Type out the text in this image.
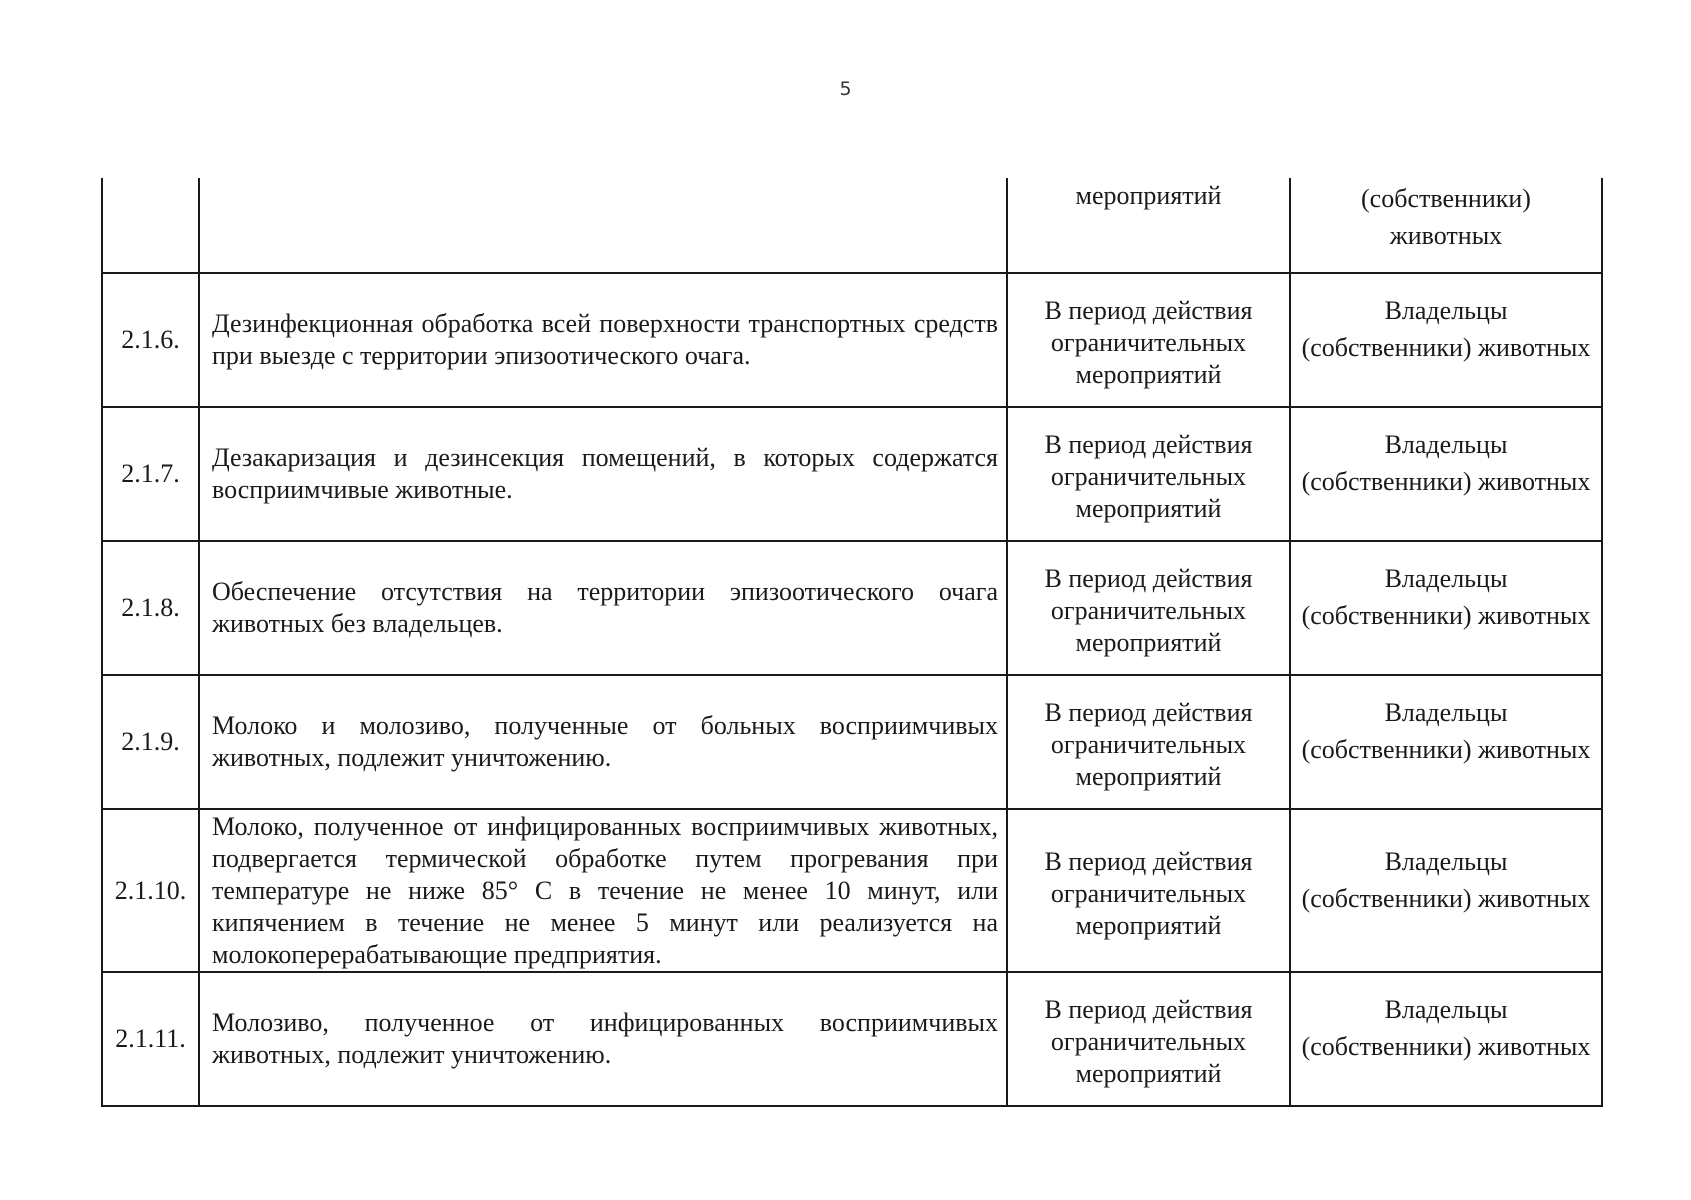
5

		мероприятий	(собственники)
животных

2.1.6.	Дезинфекционная обработка всей поверхности транспортных средств при выезде с территории эпизоотического очага.	В период действия ограничительных мероприятий	Владельцы (собственники) животных

2.1.7.	Дезакаризация и дезинсекция помещений, в которых содержатся восприимчивые животные.	В период действия ограничительных мероприятий	Владельцы (собственники) животных

2.1.8.	Обеспечение отсутствия на территории эпизоотического очага животных без владельцев.	В период действия ограничительных мероприятий	Владельцы (собственники) животных

2.1.9.	Молоко и молозиво, полученные от больных восприимчивых животных, подлежит уничтожению.	В период действия ограничительных мероприятий	Владельцы (собственники) животных

2.1.10.	Молоко, полученное от инфицированных восприимчивых животных, подвергается термической обработке путем прогревания при температуре не ниже 85° С в течение не менее 10 минут, или кипячением в течение не менее 5 минут или реализуется на молокоперерабатывающие предприятия.	В период действия ограничительных мероприятий	Владельцы (собственники) животных

2.1.11.	Молозиво, полученное от инфицированных восприимчивых животных, подлежит уничтожению.	В период действия ограничительных мероприятий	Владельцы (собственники) животных
